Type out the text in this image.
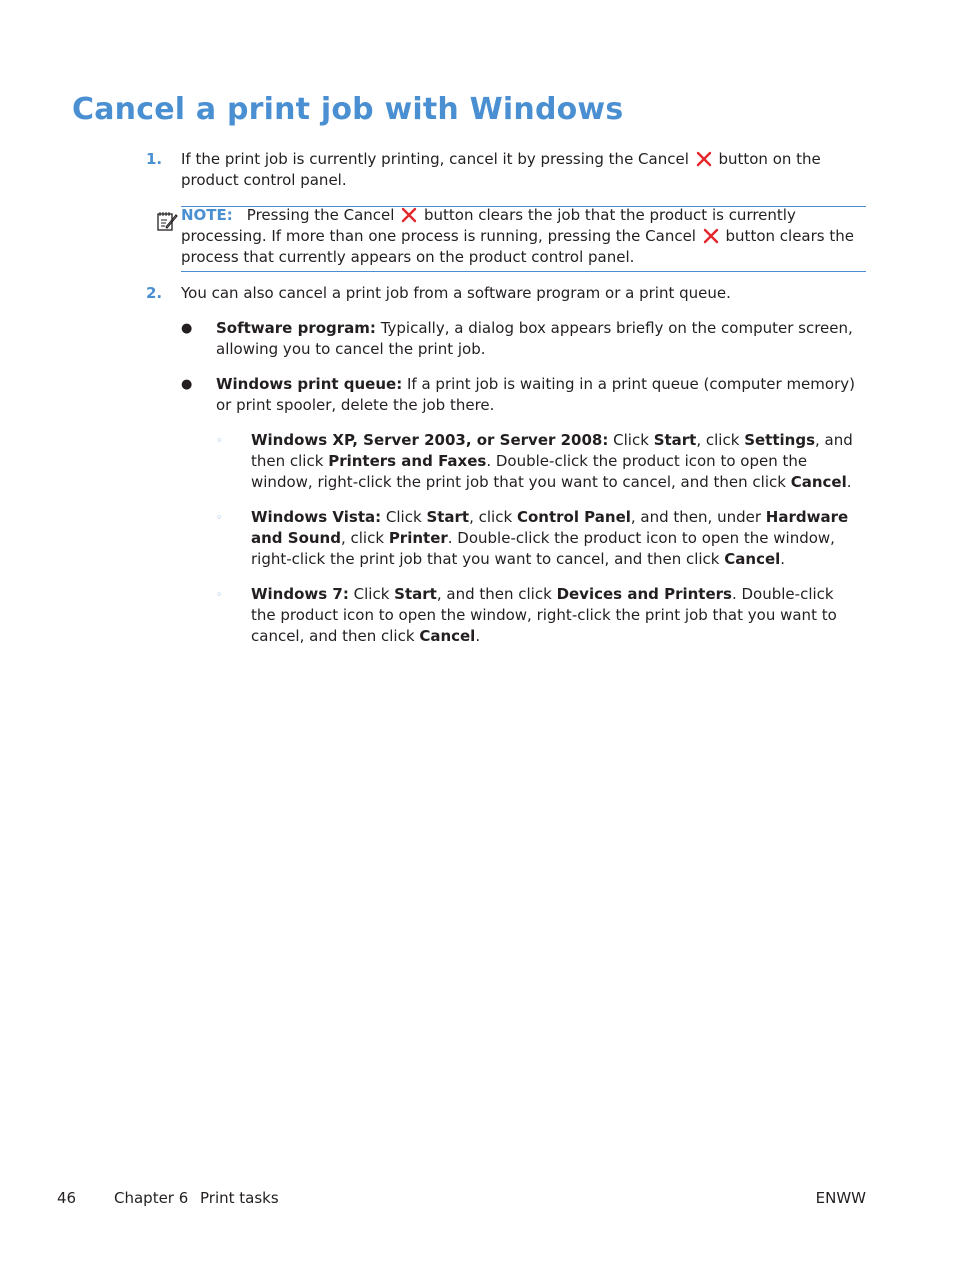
Cancel a print job with Windows
1. If the print job is currently printing, cancel it by pressing the Cancel button on the product control panel.
NOTE: Pressing the Cancel button clears the job that the product is currently processing. If more than one process is running, pressing the Cancel button clears the process that currently appears on the product control panel.
2. You can also cancel a print job from a software program or a print queue.
● Software program: Typically, a dialog box appears briefly on the computer screen, allowing you to cancel the print job.
● Windows print queue: If a print job is waiting in a print queue (computer memory) or print spooler, delete the job there.
◦ Windows XP, Server 2003, or Server 2008: Click Start, click Settings, and then click Printers and Faxes. Double-click the product icon to open the window, right-click the print job that you want to cancel, and then click Cancel.
◦ Windows Vista: Click Start, click Control Panel, and then, under Hardware and Sound, click Printer. Double-click the product icon to open the window, right-click the print job that you want to cancel, and then click Cancel.
◦ Windows 7: Click Start, and then click Devices and Printers. Double-click the product icon to open the window, right-click the print job that you want to cancel, and then click Cancel.
46	Chapter 6 Print tasks	ENWW
